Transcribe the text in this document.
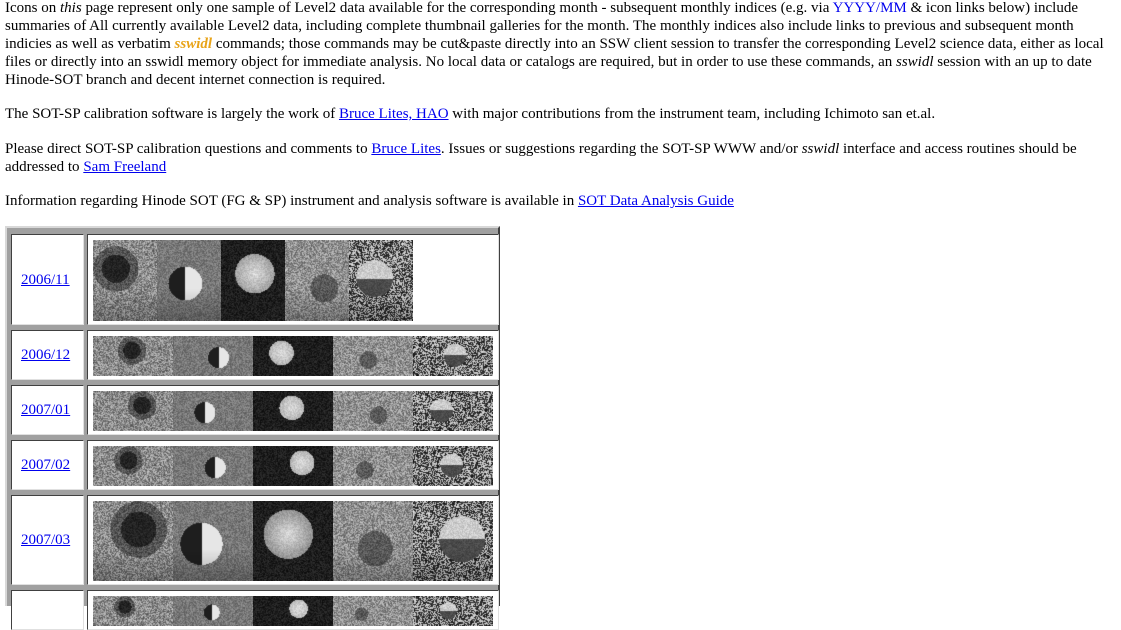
Icons on this page represent only one sample of Level2 data available for the corresponding month - subsequent monthly indices (e.g. via YYYY/MM & icon links below) include summaries of All currently available Level2 data, including complete thumbnail galleries for the month. The monthly indices also include links to previous and subsequent month indicies as well as verbatim sswidl commands; those commands may be cut&paste directly into an SSW client session to transfer the corresponding Level2 science data, either as local files or directly into an sswidl memory object for immediate analysis. No local data or catalogs are required, but in order to use these commands, an sswidl session with an up to date Hinode-SOT branch and decent internet connection is required.

The SOT-SP calibration software is largely the work of Bruce Lites, HAO with major contributions from the instrument team, including Ichimoto san et.al.

Please direct SOT-SP calibration questions and comments to Bruce Lites. Issues or suggestions regarding the SOT-SP WWW and/or sswidl interface and access routines should be addressed to Sam Freeland

Information regarding Hinode SOT (FG & SP) instrument and analysis software is available in SOT Data Analysis Guide

2006/11
2006/12
2007/01
2007/02
2007/03
